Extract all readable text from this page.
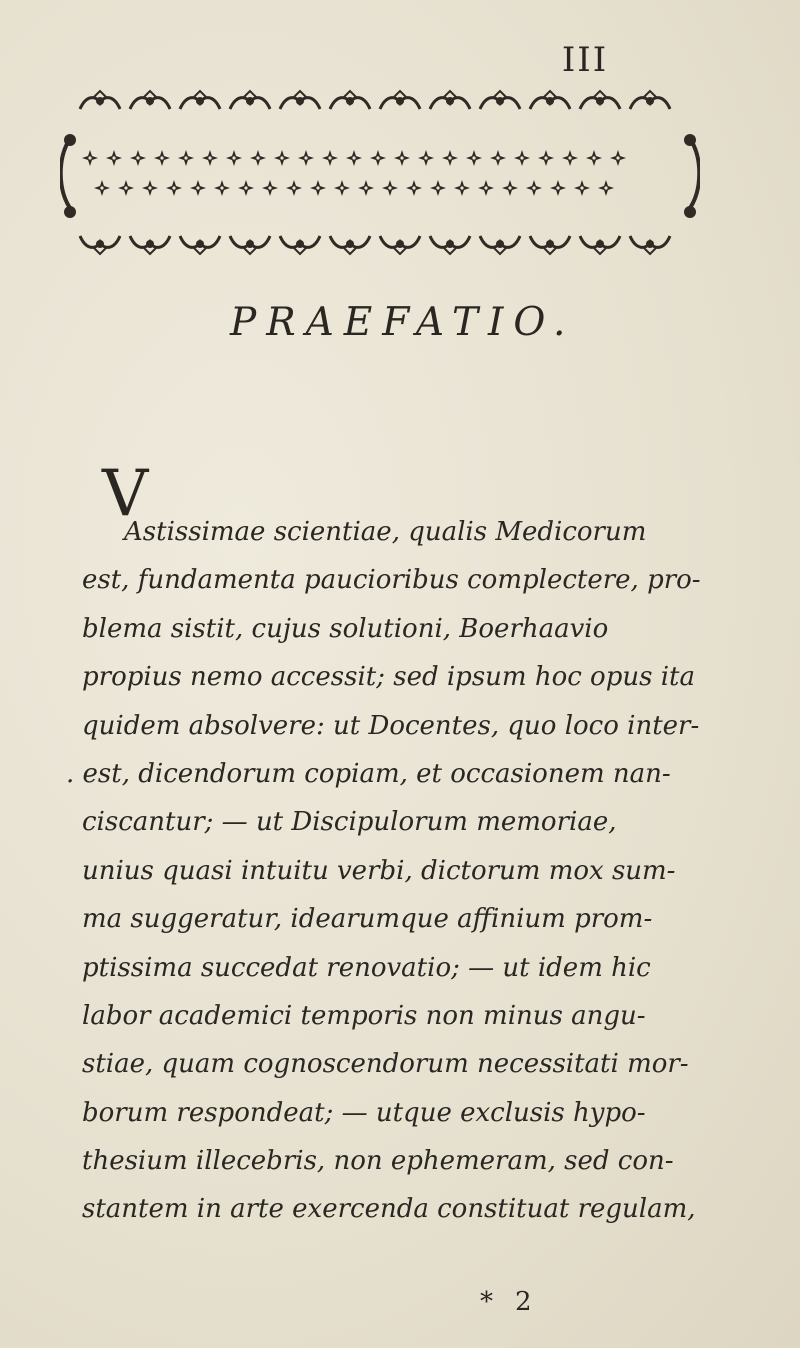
III
PRAEFATIO.
V
Astissimae scientiae, qualis Medicorum
est, fundamenta paucioribus complectere, pro-
blema sistit, cujus solutioni, Boerhaavio
propius nemo accessit; sed ipsum hoc opus ita
quidem absolvere: ut Docentes, quo loco inter-
. est, dicendorum copiam, et occasionem nan-
ciscantur; — ut Discipulorum memoriae,
unius quasi intuitu verbi, dictorum mox sum-
ma suggeratur, idearumque affinium prom-
ptissima succedat renovatio; — ut idem hic
labor academici temporis non minus angu-
stiae, quam cognoscendorum necessitati mor-
borum respondeat; — utque exclusis hypo-
thesium illecebris, non ephemeram, sed con-
stantem in arte exercenda constituat regulam,
* 2
